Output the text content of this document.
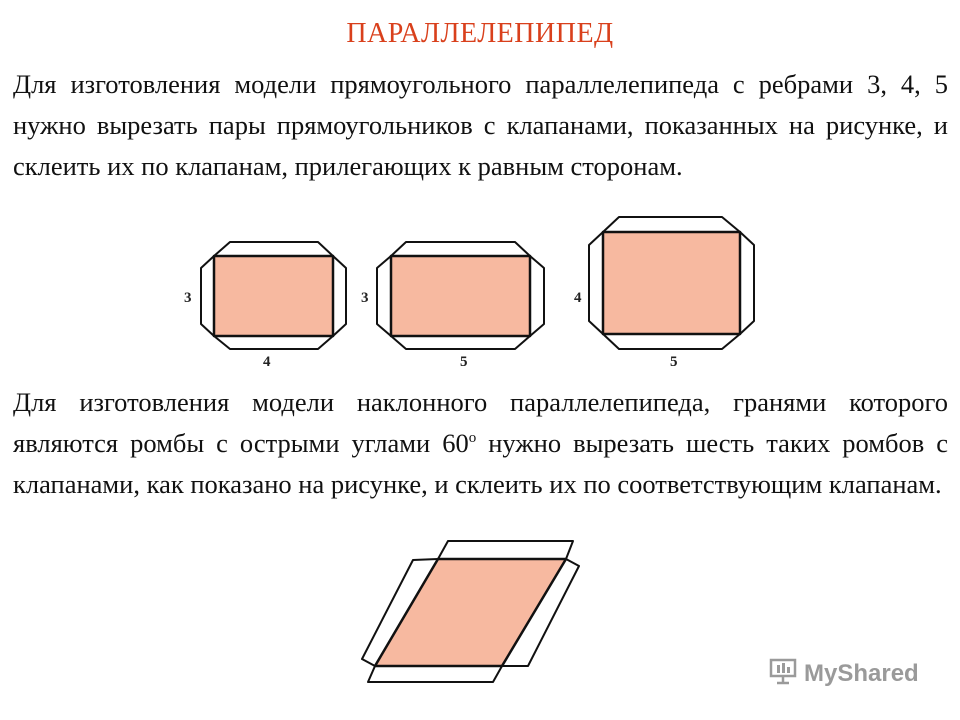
ПАРАЛЛЕЛЕПИПЕД
Для изготовления модели прямоугольного параллелепипеда с ребрами 3, 4, 5 нужно вырезать пары прямоугольников с клапанами, показанных на рисунке, и склеить их по клапанам, прилегающих к равным сторонам.
Для изготовления модели наклонного параллелепипеда, гранями которого являются ромбы с острыми углами $60^о$ нужно вырезать шесть таких ромбов с клапанами, как показано на рисунке, и склеить их по соответствующим клапанам.
3
4
3
5
4
5
MyShared
